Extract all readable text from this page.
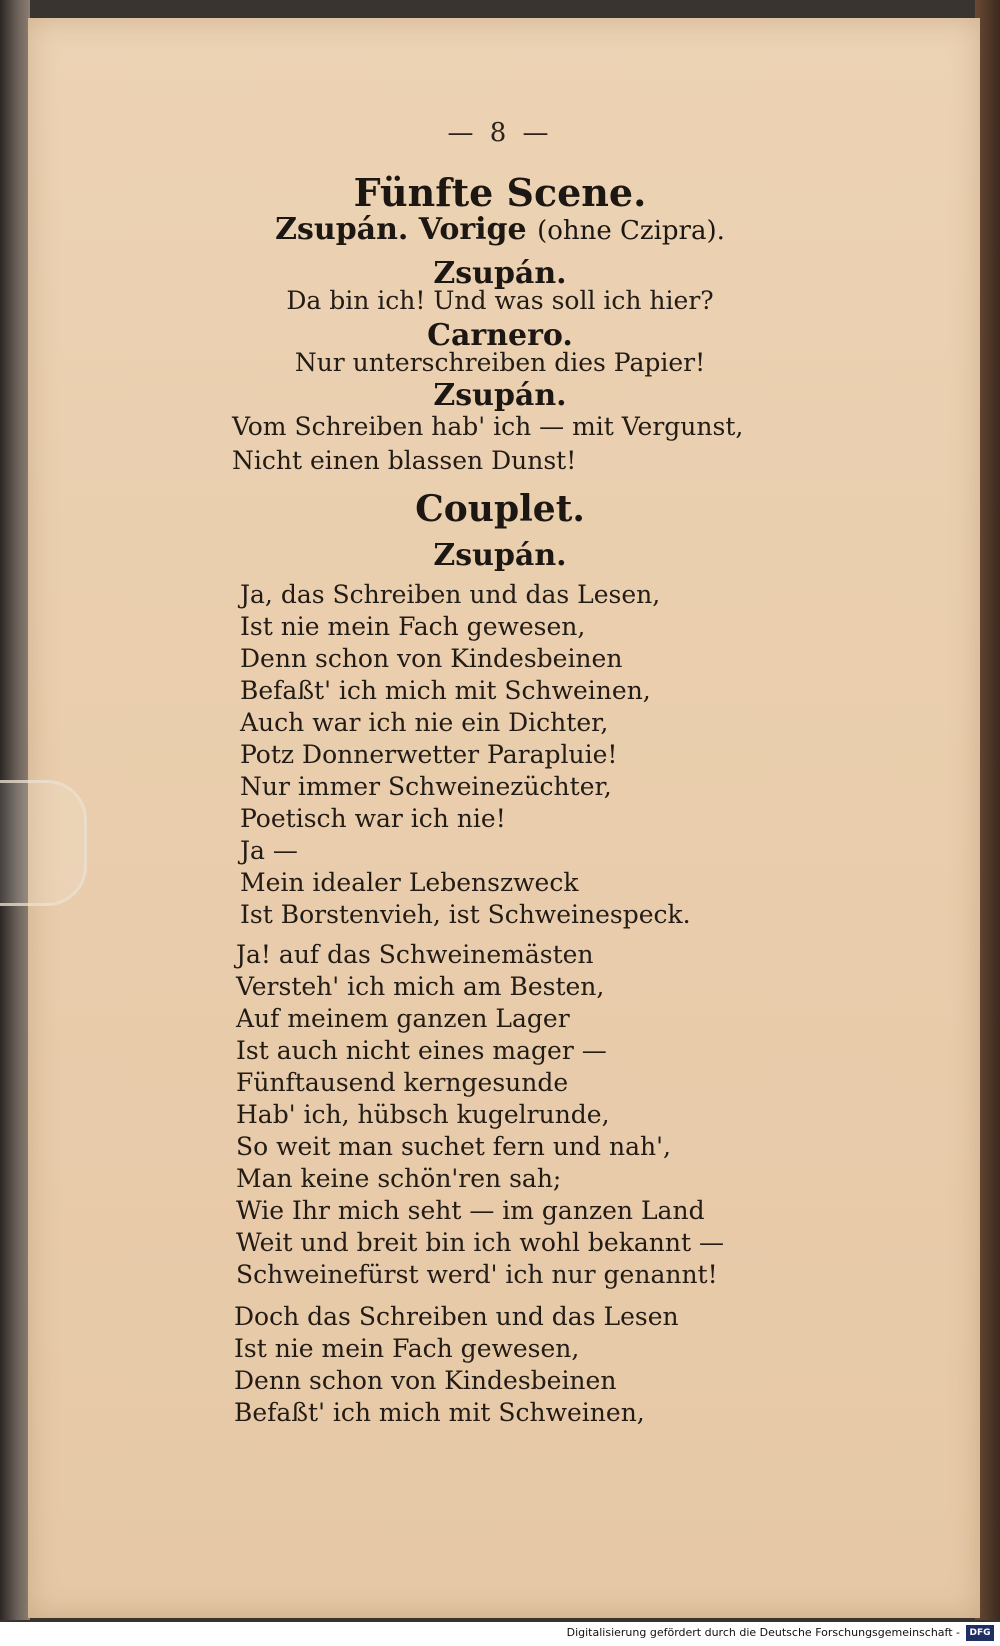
— 8 —
Fünfte Scene.
Zsupán. Vorige (ohne Czipra).
Zsupán.
Da bin ich! Und was soll ich hier?
Carnero.
Nur unterschreiben dies Papier!
Zsupán.
Vom Schreiben hab' ich — mit Vergunst,
Nicht einen blassen Dunst!
Couplet.
Zsupán.
Ja, das Schreiben und das Lesen,
Ist nie mein Fach gewesen,
Denn schon von Kindesbeinen
Befaßt' ich mich mit Schweinen,
Auch war ich nie ein Dichter,
Potz Donnerwetter Parapluie!
Nur immer Schweinezüchter,
Poetisch war ich nie!
Ja —
Mein idealer Lebenszweck
Ist Borstenvieh, ist Schweinespeck.
Ja! auf das Schweinemästen
Versteh' ich mich am Besten,
Auf meinem ganzen Lager
Ist auch nicht eines mager —
Fünftausend kerngesunde
Hab' ich, hübsch kugelrunde,
So weit man suchet fern und nah',
Man keine schön'ren sah;
Wie Ihr mich seht — im ganzen Land
Weit und breit bin ich wohl bekannt —
Schweinefürst werd' ich nur genannt!
Doch das Schreiben und das Lesen
Ist nie mein Fach gewesen,
Denn schon von Kindesbeinen
Befaßt' ich mich mit Schweinen,
Digitalisierung gefördert durch die Deutsche Forschungsgemeinschaft -	DFG
